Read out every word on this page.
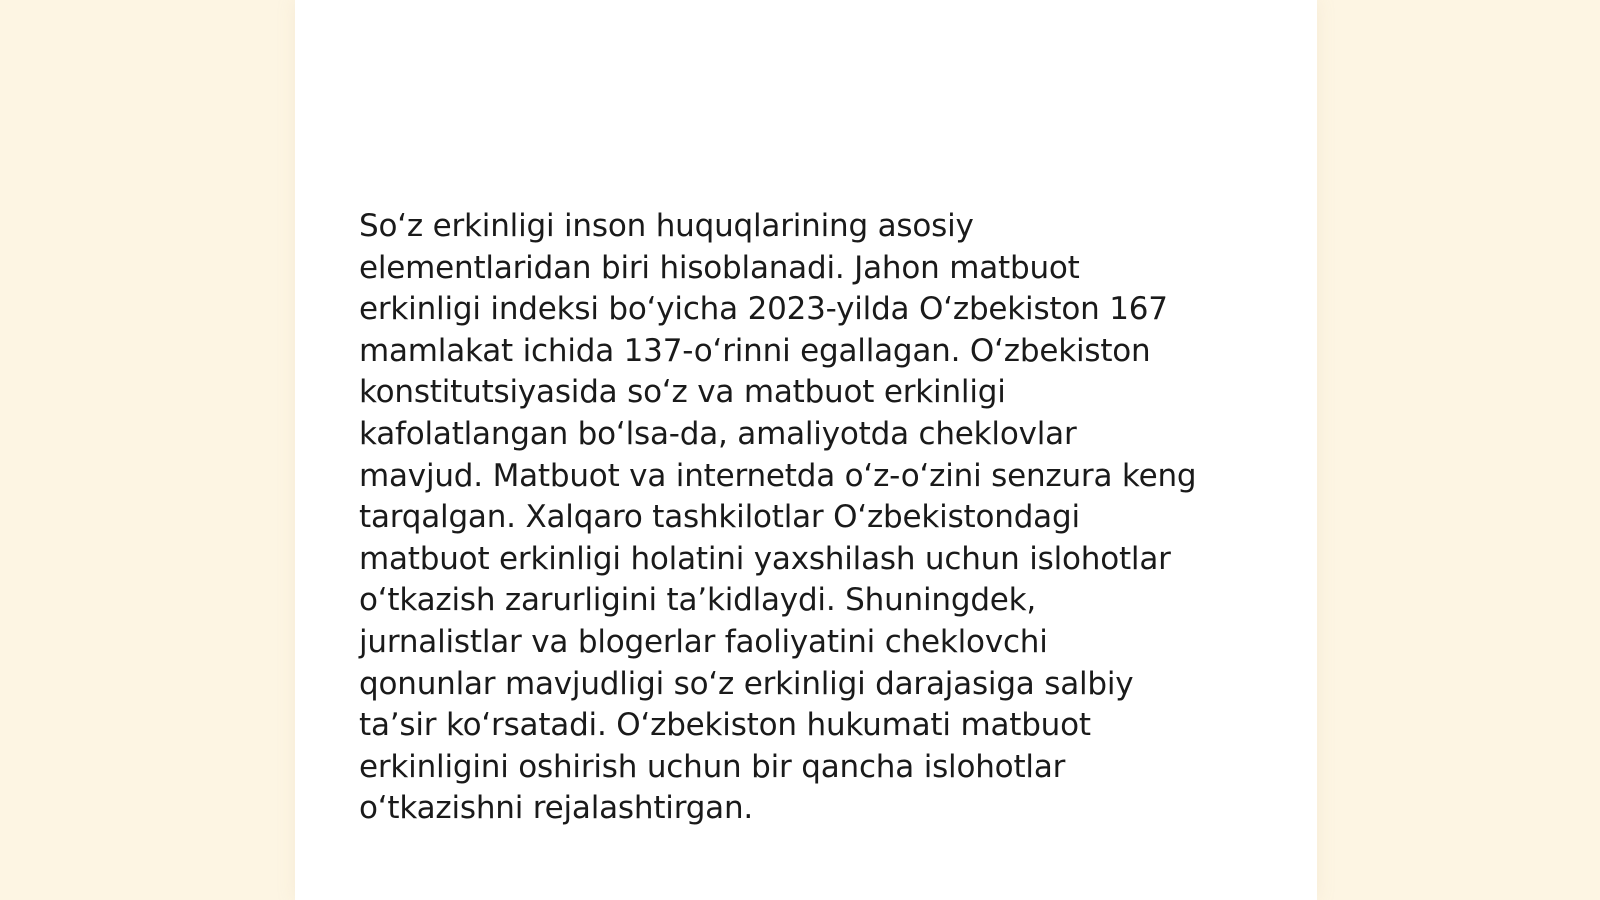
So‘z erkinligi inson huquqlarining asosiy
elementlaridan biri hisoblanadi. Jahon matbuot
erkinligi indeksi bo‘yicha 2023-yilda O‘zbekiston 167
mamlakat ichida 137-o‘rinni egallagan. O‘zbekiston
konstitutsiyasida so‘z va matbuot erkinligi
kafolatlangan bo‘lsa-da, amaliyotda cheklovlar
mavjud. Matbuot va internetda o‘z-o‘zini senzura keng
tarqalgan. Xalqaro tashkilotlar O‘zbekistondagi
matbuot erkinligi holatini yaxshilash uchun islohotlar
o‘tkazish zarurligini ta’kidlaydi. Shuningdek,
jurnalistlar va blogerlar faoliyatini cheklovchi
qonunlar mavjudligi so‘z erkinligi darajasiga salbiy
ta’sir ko‘rsatadi. O‘zbekiston hukumati matbuot
erkinligini oshirish uchun bir qancha islohotlar
o‘tkazishni rejalashtirgan.
